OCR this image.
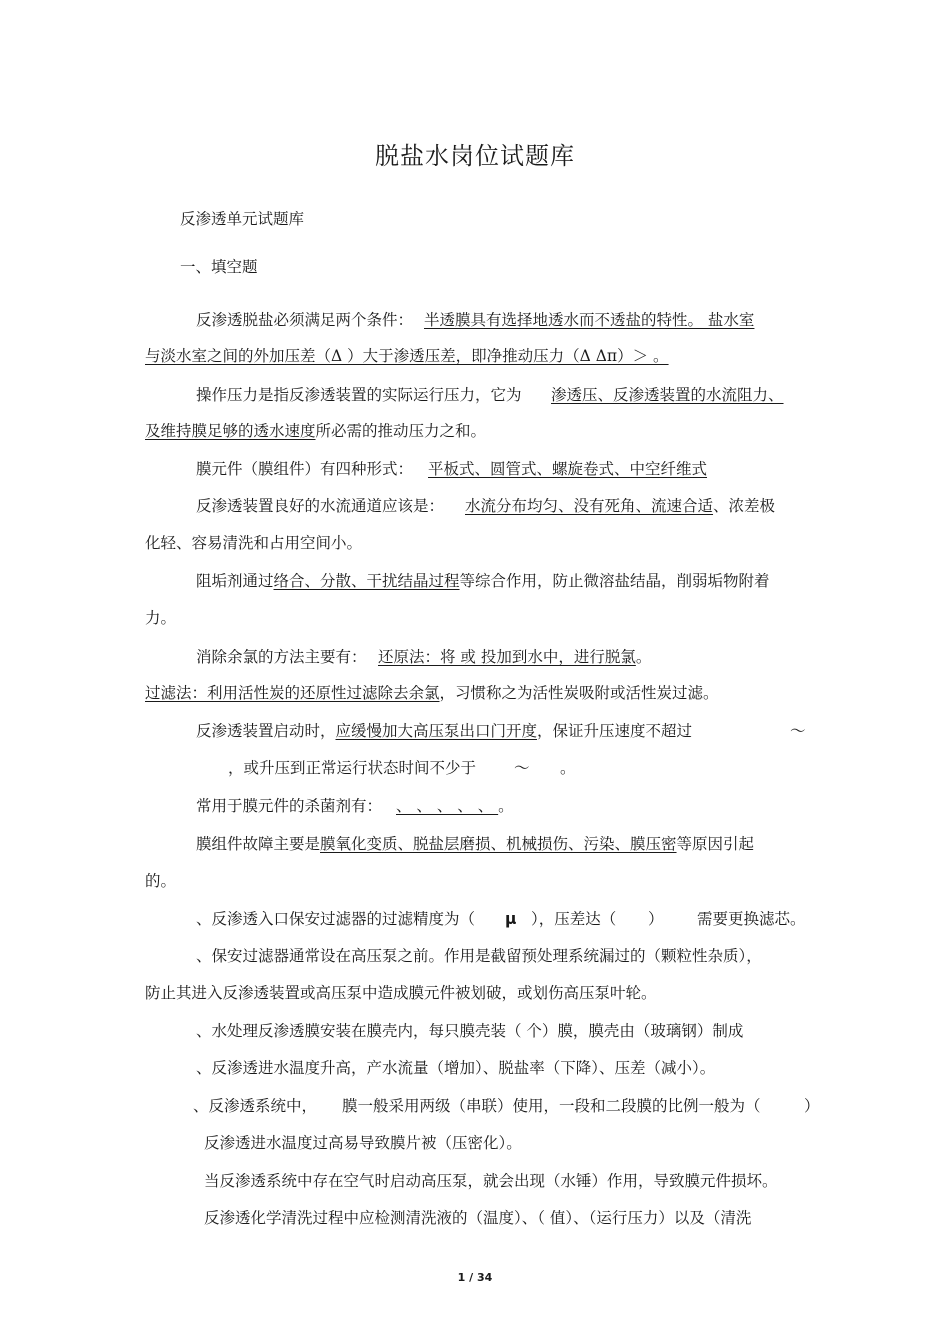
脱盐水岗位试题库
反渗透单元试题库
一、填空题
反渗透脱盐必须满足两个条件： 半透膜具有选择地透水而不透盐的特性。 盐水室
与淡水室之间的外加压差（Δ ）大于渗透压差，即净推动压力（Δ Δπ）＞ 。
操作压力是指反渗透装置的实际运行压力，它为 渗透压、反渗透装置的水流阻力、
及维持膜足够的透水速度所必需的推动压力之和。
膜元件（膜组件）有四种形式： 平板式、圆管式、螺旋卷式、中空纤维式
反渗透装置良好的水流通道应该是： 水流分布均匀、没有死角、流速合适、浓差极
化轻、容易清洗和占用空间小。
阻垢剂通过络合、分散、干扰结晶过程等综合作用，防止微溶盐结晶，削弱垢物附着
力。
消除余氯的方法主要有： 还原法：将 或 投加到水中，进行脱氯。
过滤法：利用活性炭的还原性过滤除去余氯，习惯称之为活性炭吸附或活性炭过滤。
反渗透装置启动时，应缓慢加大高压泵出口门开度，保证升压速度不超过	～
，或升压到正常运行状态时间不少于 ～ 。
常用于膜元件的杀菌剂有： 、 、 、 、 、 。
膜组件故障主要是膜氧化变质、脱盐层磨损、机械损伤、污染、膜压密等原因引起
的。
、反渗透入口保安过滤器的过滤精度为（ μ ），压差达（ ） 需要更换滤芯。
、保安过滤器通常设在高压泵之前。作用是截留预处理系统漏过的（颗粒性杂质），
防止其进入反渗透装置或高压泵中造成膜元件被划破，或划伤高压泵叶轮。
、水处理反渗透膜安装在膜壳内，每只膜壳装（ 个）膜，膜壳由（玻璃钢）制成
、反渗透进水温度升高，产水流量（增加）、脱盐率（下降）、压差（减小）。
、反渗透系统中， 膜一般采用两级（串联）使用，一段和二段膜的比例一般为（	）
反渗透进水温度过高易导致膜片被（压密化）。
当反渗透系统中存在空气时启动高压泵，就会出现（水锤）作用，导致膜元件损坏。
反渗透化学清洗过程中应检测清洗液的（温度）、（ 值）、（运行压力）以及（清洗
1 / 34
